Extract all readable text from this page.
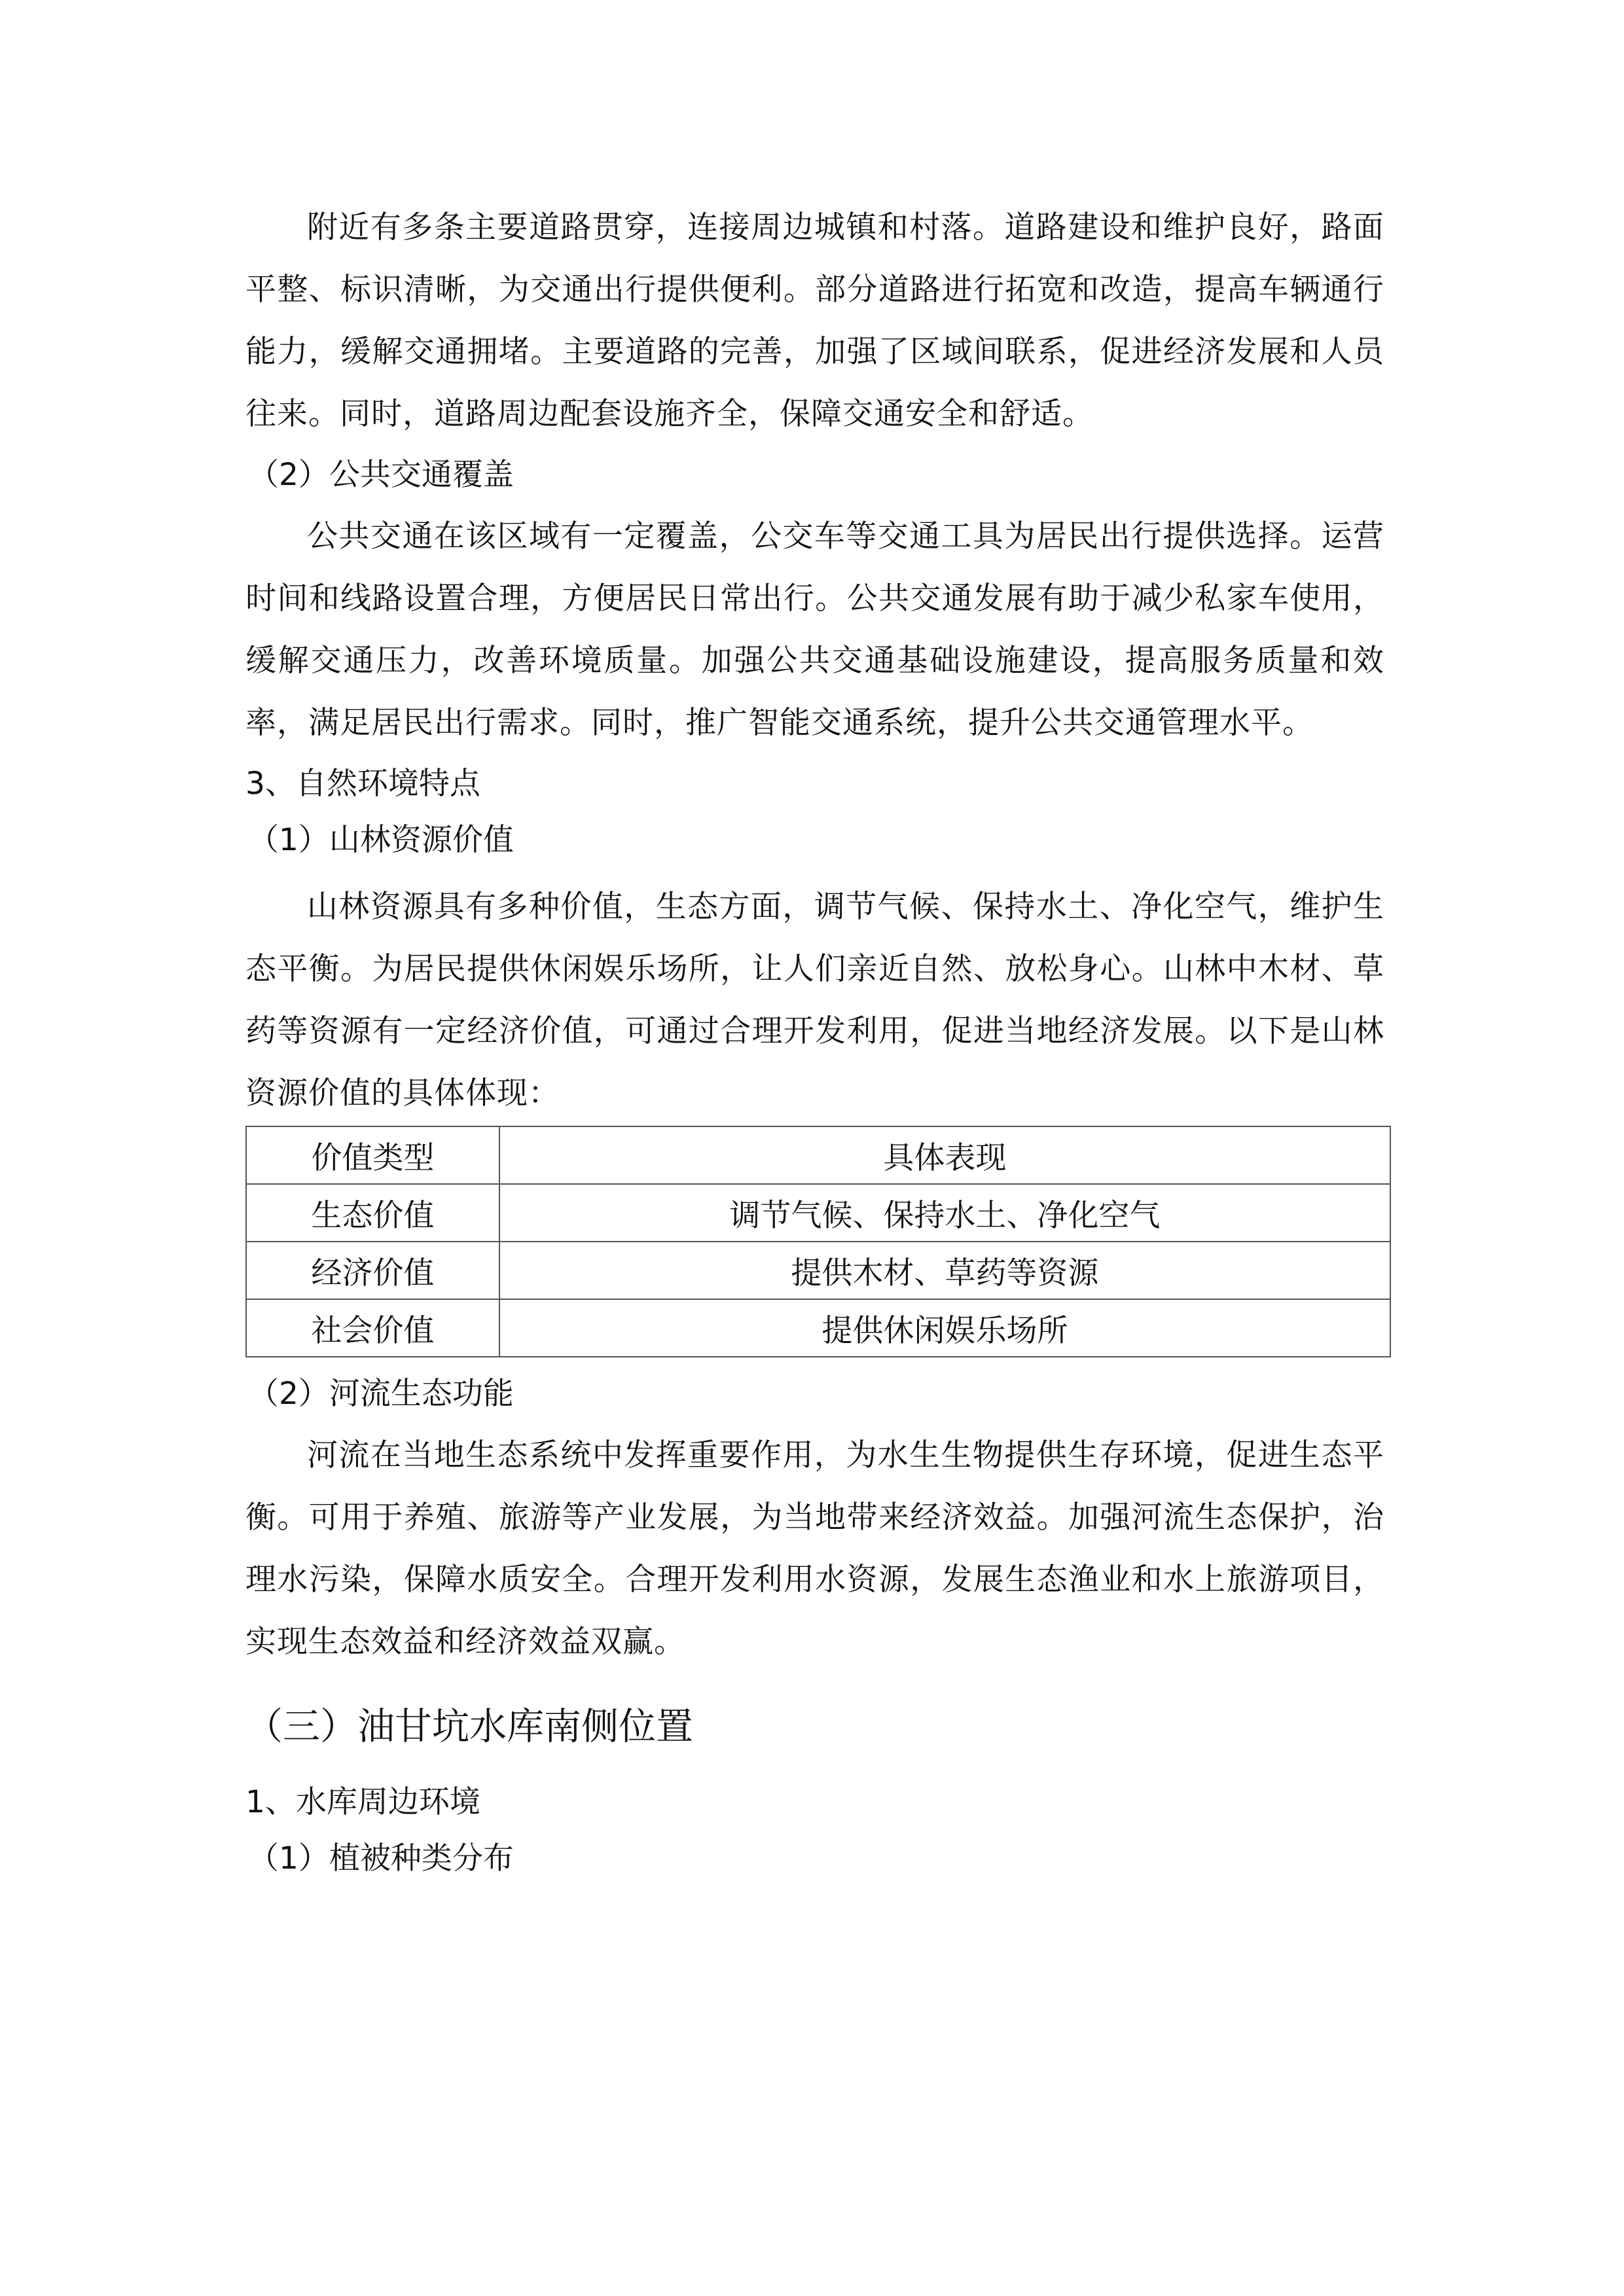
附近有多条主要道路贯穿，连接周边城镇和村落。道路建设和维护良好，路面平整、标识清晰，为交通出行提供便利。部分道路进行拓宽和改造，提高车辆通行能力，缓解交通拥堵。主要道路的完善，加强了区域间联系，促进经济发展和人员往来。同时，道路周边配套设施齐全，保障交通安全和舒适。

（2）公共交通覆盖

公共交通在该区域有一定覆盖，公交车等交通工具为居民出行提供选择。运营时间和线路设置合理，方便居民日常出行。公共交通发展有助于减少私家车使用，缓解交通压力，改善环境质量。加强公共交通基础设施建设，提高服务质量和效率，满足居民出行需求。同时，推广智能交通系统，提升公共交通管理水平。

3、自然环境特点

（1）山林资源价值

山林资源具有多种价值，生态方面，调节气候、保持水土、净化空气，维护生态平衡。为居民提供休闲娱乐场所，让人们亲近自然、放松身心。山林中木材、草药等资源有一定经济价值，可通过合理开发利用，促进当地经济发展。以下是山林资源价值的具体体现：

价值类型	具体表现
生态价值	调节气候、保持水土、净化空气
经济价值	提供木材、草药等资源
社会价值	提供休闲娱乐场所

（2）河流生态功能

河流在当地生态系统中发挥重要作用，为水生生物提供生存环境，促进生态平衡。可用于养殖、旅游等产业发展，为当地带来经济效益。加强河流生态保护，治理水污染，保障水质安全。合理开发利用水资源，发展生态渔业和水上旅游项目，实现生态效益和经济效益双赢。

（三）油甘坑水库南侧位置

1、水库周边环境

（1）植被种类分布
